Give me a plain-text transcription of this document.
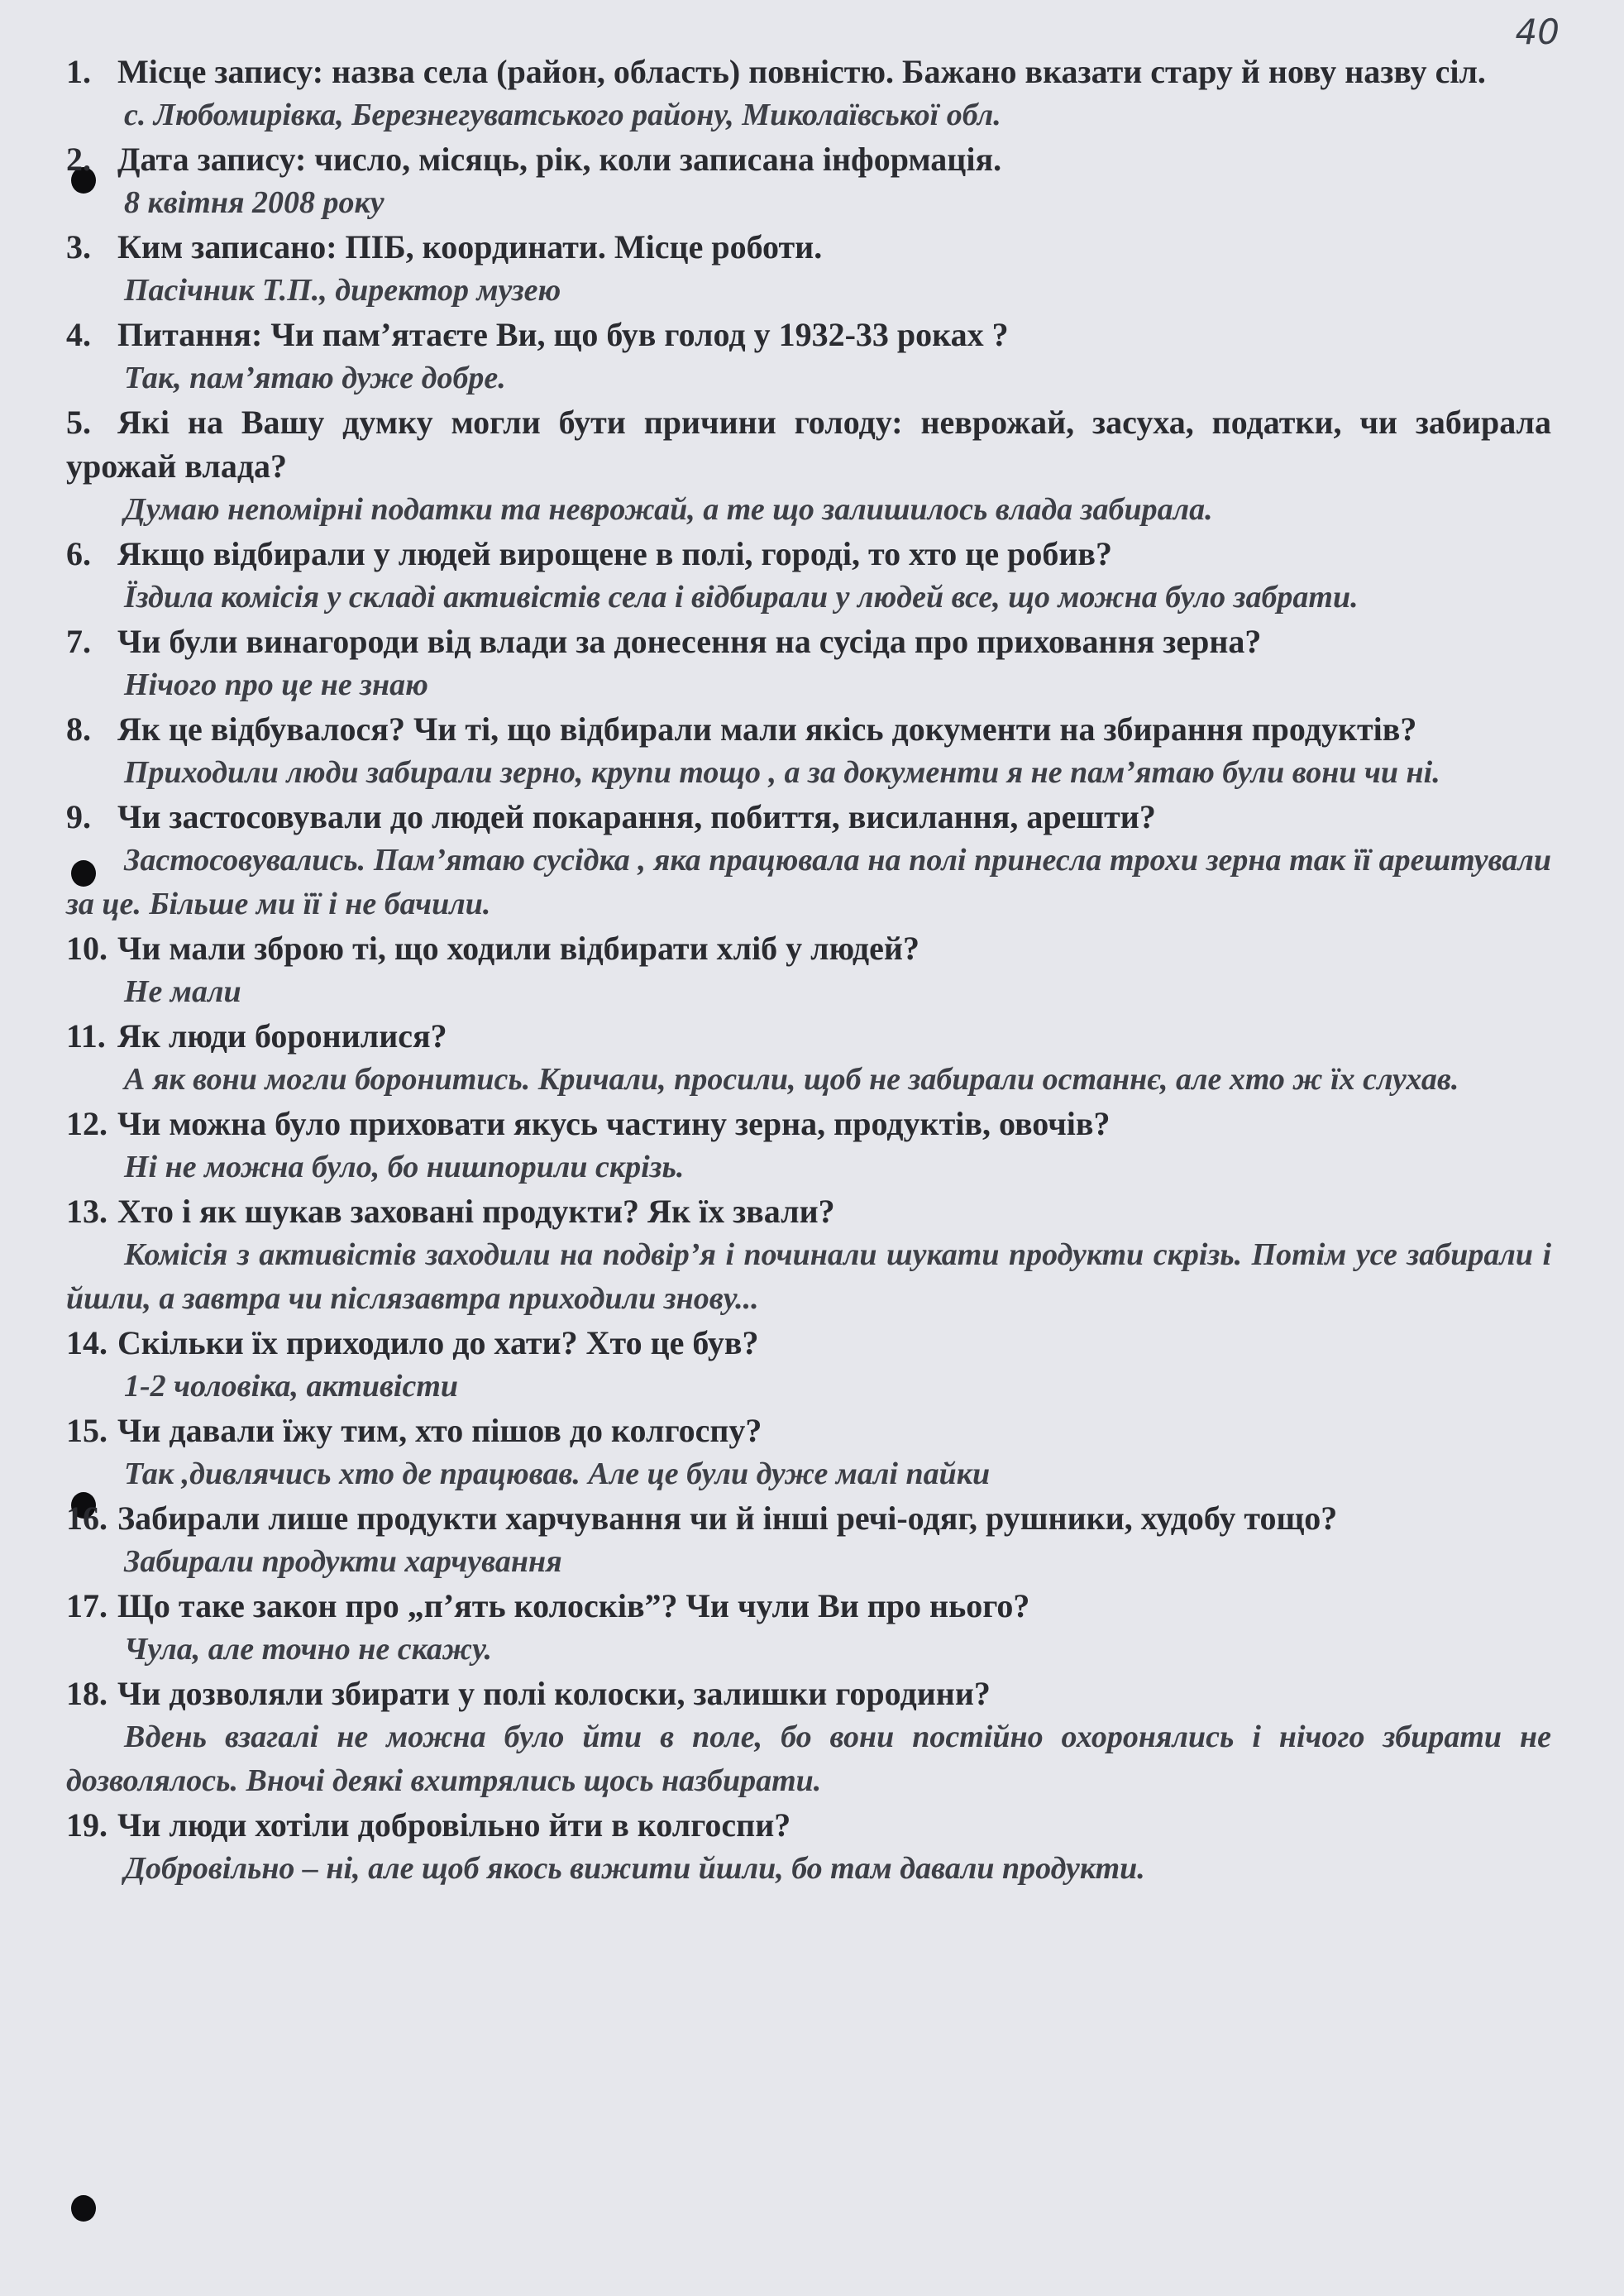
40
1. Місце запису: назва села (район, область) повністю. Бажано вказати стару й нову назву сіл.
с. Любомирівка, Березнегуватського району, Миколаївської обл.
2. Дата запису: число, місяць, рік, коли записана інформація.
8 квітня 2008 року
3. Ким записано: ПІБ, координати. Місце роботи.
Пасічник Т.П., директор музею
4. Питання: Чи пам’ятаєте Ви, що був голод у 1932-33 роках ?
Так, пам’ятаю дуже добре.
5. Які на Вашу думку могли бути причини голоду: неврожай, засуха, податки, чи забирала урожай влада?
Думаю непомірні податки та неврожай, а те що залишилось влада забирала.
6. Якщо відбирали у людей вирощене в полі, городі, то хто це робив?
Їздила комісія у складі активістів села і відбирали у людей все, що можна було забрати.
7. Чи були винагороди від влади за донесення на сусіда про приховання зерна?
Нічого про це не знаю
8. Як це відбувалося? Чи ті, що відбирали мали якісь документи на збирання продуктів?
Приходили люди забирали зерно, крупи тощо , а за документи я не пам’ятаю були вони чи ні.
9. Чи застосовували до людей покарання, побиття, висилання, арешти?
Застосовувались. Пам’ятаю сусідка , яка працювала на полі принесла трохи зерна так її арештували за це. Більше ми її і не бачили.
10. Чи мали зброю ті, що ходили відбирати хліб у людей?
Не мали
11. Як люди боронилися?
А як вони могли боронитись. Кричали, просили, щоб не забирали останнє, але хто ж їх слухав.
12. Чи можна було приховати якусь частину зерна, продуктів, овочів?
Ні не можна було, бо нишпорили скрізь.
13. Хто і як шукав заховані продукти? Як їх звали?
Комісія з активістів заходили на подвір’я і починали шукати продукти скрізь. Потім усе забирали і йшли, а завтра чи післязавтра приходили знову...
14. Скільки їх приходило до хати? Хто це був?
1-2 чоловіка, активісти
15. Чи давали їжу тим, хто пішов до колгоспу?
Так ,дивлячись хто де працював. Але це були дуже малі пайки
16. Забирали лише продукти харчування чи й інші речі-одяг, рушники, худобу тощо?
Забирали продукти харчування
17. Що таке закон про „п’ять колосків”? Чи чули Ви про нього?
Чула, але точно не скажу.
18. Чи дозволяли збирати у полі колоски, залишки городини?
Вдень взагалі не можна було йти в поле, бо вони постійно охоронялись і нічого збирати не дозволялось. Вночі деякі вхитрялись щось назбирати.
19. Чи люди хотіли добровільно йти в колгоспи?
Добровільно – ні, але щоб якось вижити йшли, бо там давали продукти.
